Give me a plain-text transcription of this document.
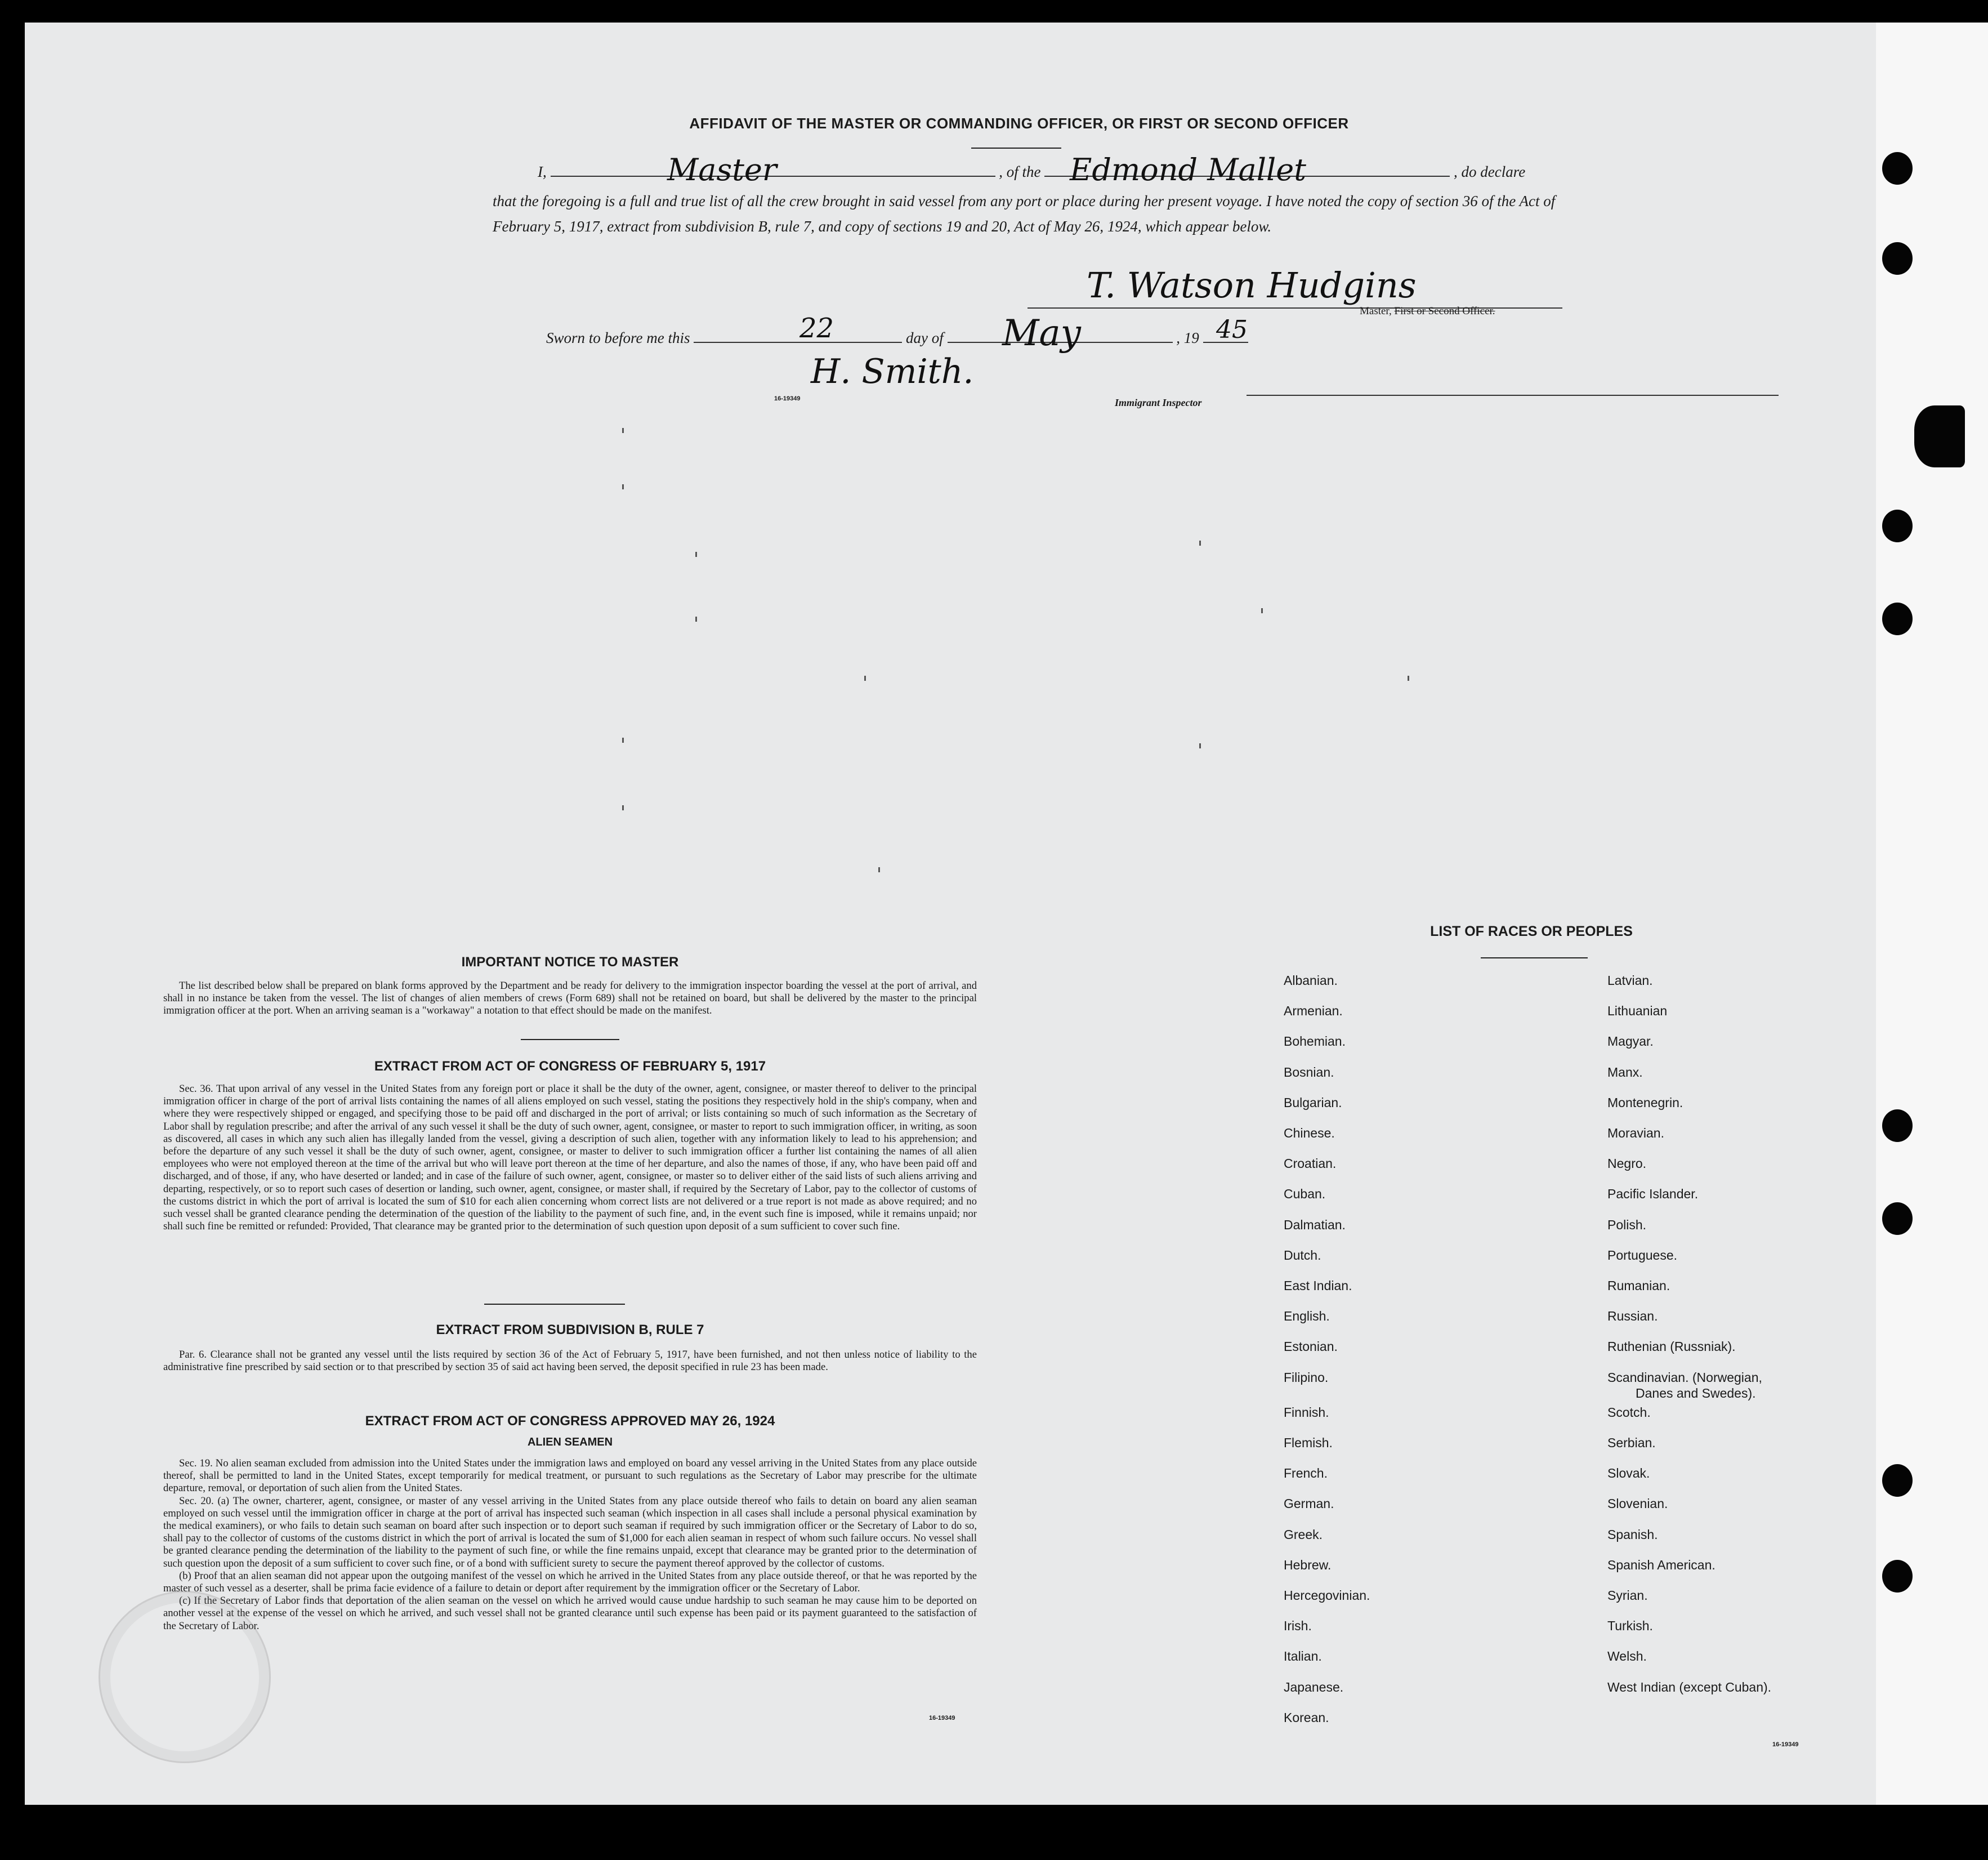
AFFIDAVIT OF THE MASTER OR COMMANDING OFFICER, OR FIRST OR SECOND OFFICER
I,	, of the	, do declare
Master	Edmond Mallet
that the foregoing is a full and true list of all the crew brought in said vessel from any port or place during her present voyage. I have noted the copy of section 36 of the Act of February 5, 1917, extract from subdivision B, rule 7, and copy of sections 19 and 20, Act of May 26, 1924, which appear below.

T. Watson Hudgins
Master, First or Second Officer.
Sworn to before me this	day of	, 19
22	May	45
H. Smith.
16-19349	Immigrant Inspector
IMPORTANT NOTICE TO MASTER

The list described below shall be prepared on blank forms approved by the Department and be ready for delivery to the immigration inspector boarding the vessel at the port of arrival, and shall in no instance be taken from the vessel. The list of changes of alien members of crews (Form 689) shall not be retained on board, but shall be delivered by the master to the principal immigration officer at the port. When an arriving seaman is a "workaway" a notation to that effect should be made on the manifest.

EXTRACT FROM ACT OF CONGRESS OF FEBRUARY 5, 1917

Sec. 36. That upon arrival of any vessel in the United States from any foreign port or place it shall be the duty of the owner, agent, consignee, or master thereof to deliver to the principal immigration officer in charge of the port of arrival lists containing the names of all aliens employed on such vessel, stating the positions they respectively hold in the ship's company, when and where they were respectively shipped or engaged, and specifying those to be paid off and discharged in the port of arrival; or lists containing so much of such information as the Secretary of Labor shall by regulation prescribe; and after the arrival of any such vessel it shall be the duty of such owner, agent, consignee, or master to report to such immigration officer, in writing, as soon as discovered, all cases in which any such alien has illegally landed from the vessel, giving a description of such alien, together with any information likely to lead to his apprehension; and before the departure of any such vessel it shall be the duty of such owner, agent, consignee, or master to deliver to such immigration officer a further list containing the names of all alien employees who were not employed thereon at the time of the arrival but who will leave port thereon at the time of her departure, and also the names of those, if any, who have been paid off and discharged, and of those, if any, who have deserted or landed; and in case of the failure of such owner, agent, consignee, or master so to deliver either of the said lists of such aliens arriving and departing, respectively, or so to report such cases of desertion or landing, such owner, agent, consignee, or master shall, if required by the Secretary of Labor, pay to the collector of customs of the customs district in which the port of arrival is located the sum of $10 for each alien concerning whom correct lists are not delivered or a true report is not made as above required; and no such vessel shall be granted clearance pending the determination of the question of the liability to the payment of such fine, and, in the event such fine is imposed, while it remains unpaid; nor shall such fine be remitted or refunded: Provided, That clearance may be granted prior to the determination of such question upon deposit of a sum sufficient to cover such fine.

EXTRACT FROM SUBDIVISION B, RULE 7

Par. 6. Clearance shall not be granted any vessel until the lists required by section 36 of the Act of February 5, 1917, have been furnished, and not then unless notice of liability to the administrative fine prescribed by said section or to that prescribed by section 35 of said act having been served, the deposit specified in rule 23 has been made.

EXTRACT FROM ACT OF CONGRESS APPROVED MAY 26, 1924
ALIEN SEAMEN

Sec. 19. No alien seaman excluded from admission into the United States under the immigration laws and employed on board any vessel arriving in the United States from any place outside thereof, shall be permitted to land in the United States, except temporarily for medical treatment, or pursuant to such regulations as the Secretary of Labor may prescribe for the ultimate departure, removal, or deportation of such alien from the United States.

Sec. 20. (a) The owner, charterer, agent, consignee, or master of any vessel arriving in the United States from any place outside thereof who fails to detain on board any alien seaman employed on such vessel until the immigration officer in charge at the port of arrival has inspected such seaman (which inspection in all cases shall include a personal physical examination by the medical examiners), or who fails to detain such seaman on board after such inspection or to deport such seaman if required by such immigration officer or the Secretary of Labor to do so, shall pay to the collector of customs of the customs district in which the port of arrival is located the sum of $1,000 for each alien seaman in respect of whom such failure occurs. No vessel shall be granted clearance pending the determination of the liability to the payment of such fine, or while the fine remains unpaid, except that clearance may be granted prior to the determination of such question upon the deposit of a sum sufficient to cover such fine, or of a bond with sufficient surety to secure the payment thereof approved by the collector of customs.

(b) Proof that an alien seaman did not appear upon the outgoing manifest of the vessel on which he arrived in the United States from any place outside thereof, or that he was reported by the master of such vessel as a deserter, shall be prima facie evidence of a failure to detain or deport after requirement by the immigration officer or the Secretary of Labor.

(c) If the Secretary of Labor finds that deportation of the alien seaman on the vessel on which he arrived would cause undue hardship to such seaman he may cause him to be deported on another vessel at the expense of the vessel on which he arrived, and such vessel shall not be granted clearance until such expense has been paid or its payment guaranteed to the satisfaction of the Secretary of Labor.

16-19349
LIST OF RACES OR PEOPLES
Albanian.
Armenian.
Bohemian.
Bosnian.
Bulgarian.
Chinese.
Croatian.
Cuban.
Dalmatian.
Dutch.
East Indian.
English.
Estonian.
Filipino.
Finnish.
Flemish.
French.
German.
Greek.
Hebrew.
Hercegovinian.
Irish.
Italian.
Japanese.
Korean.
Latvian.
Lithuanian
Magyar.
Manx.
Montenegrin.
Moravian.
Negro.
Pacific Islander.
Polish.
Portuguese.
Rumanian.
Russian.
Ruthenian (Russniak).
Scandinavian. (Norwegian,
Danes and Swedes).
Scotch.
Serbian.
Slovak.
Slovenian.
Spanish.
Spanish American.
Syrian.
Turkish.
Welsh.
West Indian (except Cuban).
16-19349
